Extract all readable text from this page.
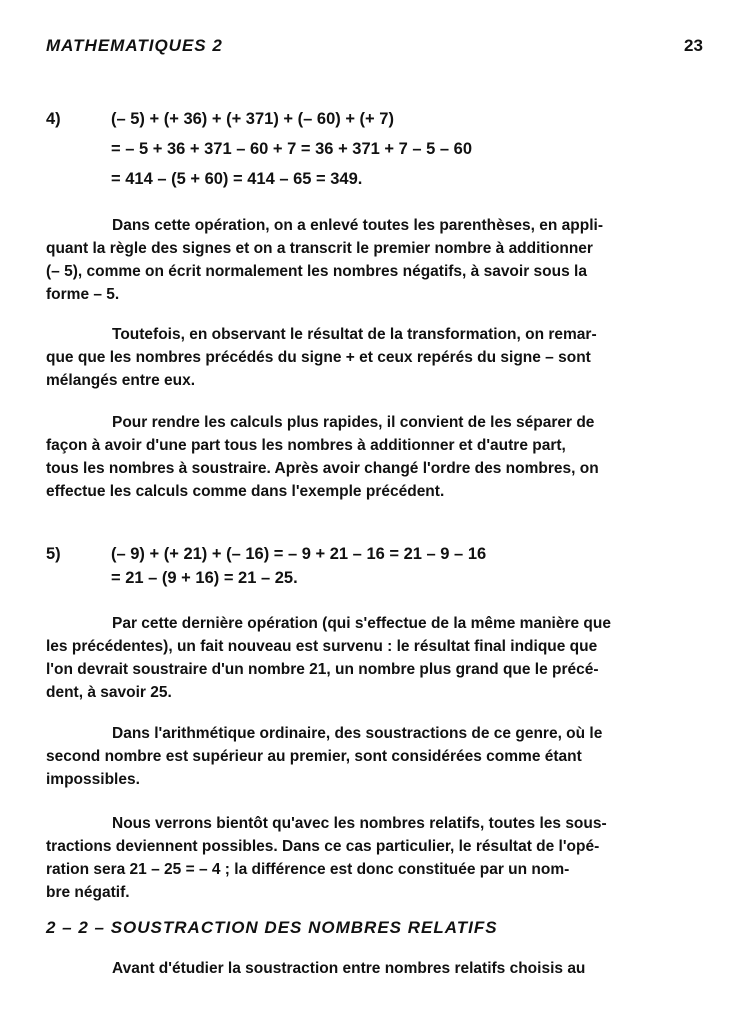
MATHEMATIQUES 2	23
4)	(– 5) + (+ 36) + (+ 371) + (– 60) + (+ 7)
= – 5 + 36 + 371 – 60 + 7 = 36 + 371 + 7 – 5 – 60
= 414 – (5 + 60) = 414 – 65 = 349.

Dans cette opération, on a enlevé toutes les parenthèses, en appli-
quant la règle des signes et on a transcrit le premier nombre à additionner
(– 5), comme on écrit normalement les nombres négatifs, à savoir sous la
forme – 5.

Toutefois, en observant le résultat de la transformation, on remar-
que que les nombres précédés du signe + et ceux repérés du signe – sont
mélangés entre eux.

Pour rendre les calculs plus rapides, il convient de les séparer de
façon à avoir d'une part tous les nombres à additionner et d'autre part,
tous les nombres à soustraire. Après avoir changé l'ordre des nombres, on
effectue les calculs comme dans l'exemple précédent.

5)	(– 9) + (+ 21) + (– 16) = – 9 + 21 – 16 = 21 – 9 – 16
= 21 – (9 + 16) = 21 – 25.

Par cette dernière opération (qui s'effectue de la même manière que
les précédentes), un fait nouveau est survenu : le résultat final indique que
l'on devrait soustraire d'un nombre 21, un nombre plus grand que le précé-
dent, à savoir 25.

Dans l'arithmétique ordinaire, des soustractions de ce genre, où le
second nombre est supérieur au premier, sont considérées comme étant
impossibles.

Nous verrons bientôt qu'avec les nombres relatifs, toutes les sous-
tractions deviennent possibles. Dans ce cas particulier, le résultat de l'opé-
ration sera 21 – 25 = – 4 ; la différence est donc constituée par un nom-
bre négatif.

2 – 2 – SOUSTRACTION DES NOMBRES RELATIFS

Avant d'étudier la soustraction entre nombres relatifs choisis au
